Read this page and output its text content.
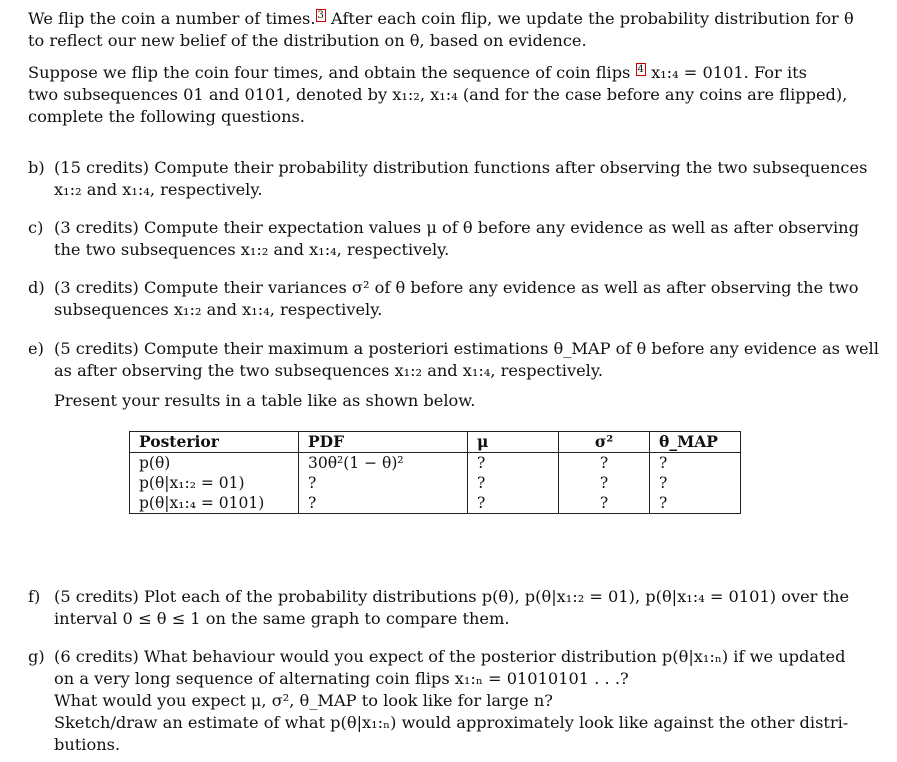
We flip the coin a number of times. 3 After each coin flip, we update the probability distribution for θ
to reflect our new belief of the distribution on θ, based on evidence.
Suppose we flip the coin four times, and obtain the sequence of coin flips 4 x₁:₄ = 0101. For its
two subsequences 01 and 0101, denoted by x₁:₂, x₁:₄ (and for the case before any coins are flipped),
complete the following questions.
b) (15 credits) Compute their probability distribution functions after observing the two subsequences
x₁:₂ and x₁:₄, respectively.
c) (3 credits) Compute their expectation values μ of θ before any evidence as well as after observing
the two subsequences x₁:₂ and x₁:₄, respectively.
d) (3 credits) Compute their variances σ² of θ before any evidence as well as after observing the two
subsequences x₁:₂ and x₁:₄, respectively.
e) (5 credits) Compute their maximum a posteriori estimations θ_MAP of θ before any evidence as well
as after observing the two subsequences x₁:₂ and x₁:₄, respectively.
Present your results in a table like as shown below.
Posterior	PDF	μ	σ²	θ_MAP
p(θ)	30θ²(1 − θ)²	?	?	?
p(θ|x₁:₂ = 01)	?	?	?	?
p(θ|x₁:₄ = 0101)	?	?	?	?
f) (5 credits) Plot each of the probability distributions p(θ), p(θ|x₁:₂ = 01), p(θ|x₁:₄ = 0101) over the
interval 0 ≤ θ ≤ 1 on the same graph to compare them.
g) (6 credits) What behaviour would you expect of the posterior distribution p(θ|x₁:ₙ) if we updated
on a very long sequence of alternating coin flips x₁:ₙ = 01010101 . . .?
What would you expect μ, σ², θ_MAP to look like for large n?
Sketch/draw an estimate of what p(θ|x₁:ₙ) would approximately look like against the other distri-
butions.
